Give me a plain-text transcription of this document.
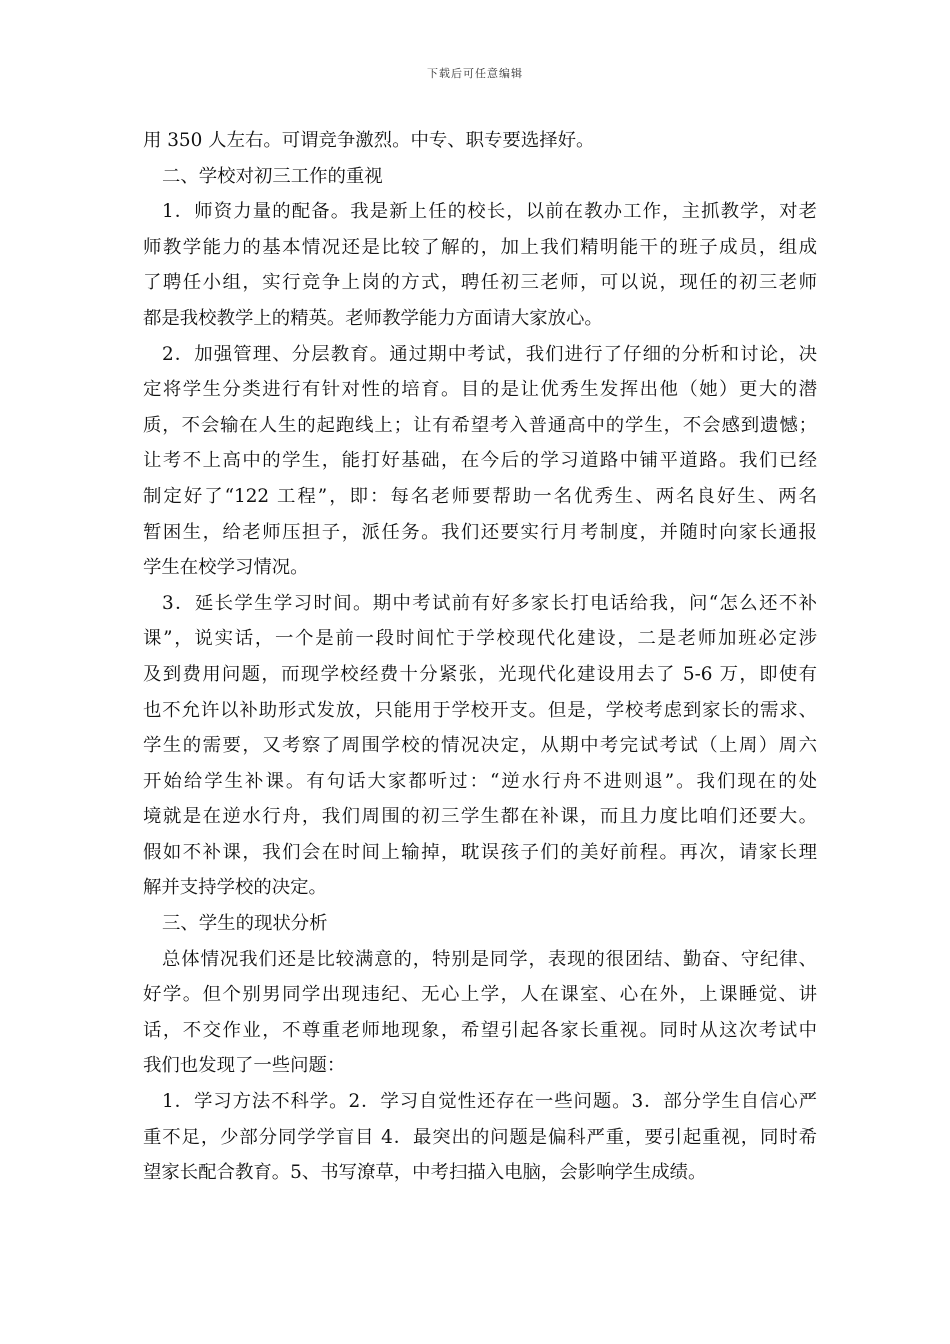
下载后可任意编辑
用 350 人左右。可谓竞争激烈。中专、职专要选择好。
二、学校对初三工作的重视
1．师资力量的配备。我是新上任的校长，以前在教办工作，主抓教学，对老
师教学能力的基本情况还是比较了解的，加上我们精明能干的班子成员，组成
了聘任小组，实行竞争上岗的方式，聘任初三老师，可以说，现任的初三老师
都是我校教学上的精英。老师教学能力方面请大家放心。
2．加强管理、分层教育。通过期中考试，我们进行了仔细的分析和讨论，决
定将学生分类进行有针对性的培育。目的是让优秀生发挥出他（她）更大的潜
质，不会输在人生的起跑线上；让有希望考入普通高中的学生，不会感到遗憾；
让考不上高中的学生，能打好基础，在今后的学习道路中铺平道路。我们已经
制定好了“122 工程”，即：每名老师要帮助一名优秀生、两名良好生、两名
暂困生，给老师压担子，派任务。我们还要实行月考制度，并随时向家长通报
学生在校学习情况。
3．延长学生学习时间。期中考试前有好多家长打电话给我，问“怎么还不补
课”，说实话，一个是前一段时间忙于学校现代化建设，二是老师加班必定涉
及到费用问题，而现学校经费十分紧张，光现代化建设用去了 5-6 万，即使有
也不允许以补助形式发放，只能用于学校开支。但是，学校考虑到家长的需求、
学生的需要，又考察了周围学校的情况决定，从期中考完试考试（上周）周六
开始给学生补课。有句话大家都听过：“逆水行舟不进则退”。我们现在的处
境就是在逆水行舟，我们周围的初三学生都在补课，而且力度比咱们还要大。
假如不补课，我们会在时间上输掉，耽误孩子们的美好前程。再次，请家长理
解并支持学校的决定。
三、学生的现状分析
总体情况我们还是比较满意的，特别是同学，表现的很团结、勤奋、守纪律、
好学。但个别男同学出现违纪、无心上学，人在课室、心在外，上课睡觉、讲
话，不交作业，不尊重老师地现象，希望引起各家长重视。同时从这次考试中
我们也发现了一些问题：
1．学习方法不科学。2．学习自觉性还存在一些问题。3．部分学生自信心严
重不足，少部分同学学盲目 4．最突出的问题是偏科严重，要引起重视，同时希
望家长配合教育。5、书写潦草，中考扫描入电脑，会影响学生成绩。
